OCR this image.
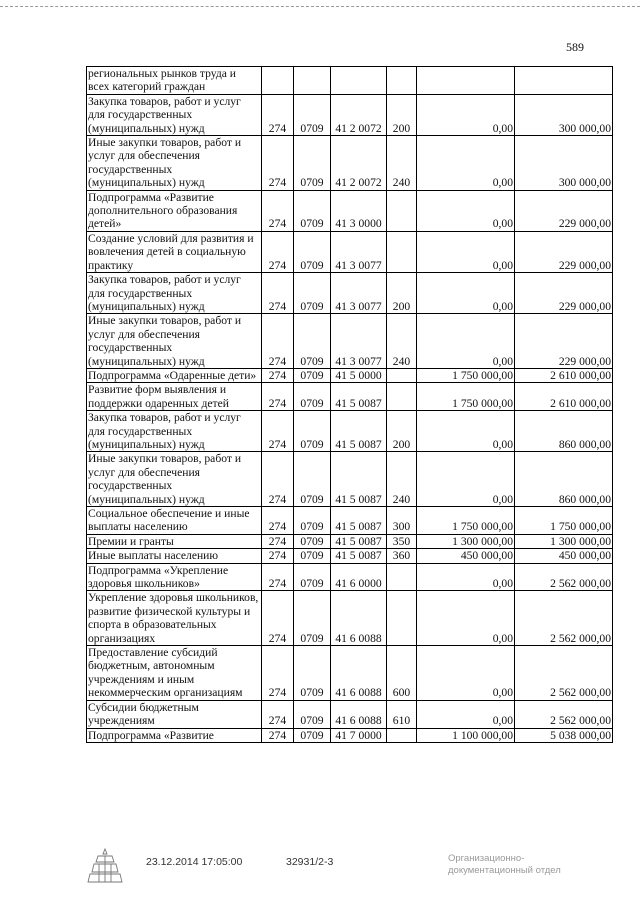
589
региональных рынков труда и всех категорий граждан						
Закупка товаров, работ и услуг для государственных (муниципальных) нужд	274	0709	41 2 0072	200	0,00	300 000,00
Иные закупки товаров, работ и услуг для обеспечения государственных (муниципальных) нужд	274	0709	41 2 0072	240	0,00	300 000,00
Подпрограмма «Развитие дополнительного образования детей»	274	0709	41 3 0000		0,00	229 000,00
Создание условий для развития и вовлечения детей в социальную практику	274	0709	41 3 0077		0,00	229 000,00
Закупка товаров, работ и услуг для государственных (муниципальных) нужд	274	0709	41 3 0077	200	0,00	229 000,00
Иные закупки товаров, работ и услуг для обеспечения государственных (муниципальных) нужд	274	0709	41 3 0077	240	0,00	229 000,00
Подпрограмма «Одаренные дети»	274	0709	41 5 0000		1 750 000,00	2 610 000,00
Развитие форм выявления и поддержки одаренных детей	274	0709	41 5 0087		1 750 000,00	2 610 000,00
Закупка товаров, работ и услуг для государственных (муниципальных) нужд	274	0709	41 5 0087	200	0,00	860 000,00
Иные закупки товаров, работ и услуг для обеспечения государственных (муниципальных) нужд	274	0709	41 5 0087	240	0,00	860 000,00
Социальное обеспечение и иные выплаты населению	274	0709	41 5 0087	300	1 750 000,00	1 750 000,00
Премии и гранты	274	0709	41 5 0087	350	1 300 000,00	1 300 000,00
Иные выплаты населению	274	0709	41 5 0087	360	450 000,00	450 000,00
Подпрограмма «Укрепление здоровья школьников»	274	0709	41 6 0000		0,00	2 562 000,00
Укрепление здоровья школьников, развитие физической культуры и спорта в образовательных организациях	274	0709	41 6 0088		0,00	2 562 000,00
Предоставление субсидий бюджетным, автономным учреждениям и иным некоммерческим организациям	274	0709	41 6 0088	600	0,00	2 562 000,00
Субсидии бюджетным учреждениям	274	0709	41 6 0088	610	0,00	2 562 000,00
Подпрограмма «Развитие	274	0709	41 7 0000		1 100 000,00	5 038 000,00
23.12.2014 17:05:00	32931/2-3	Организационно-
документационный отдел
